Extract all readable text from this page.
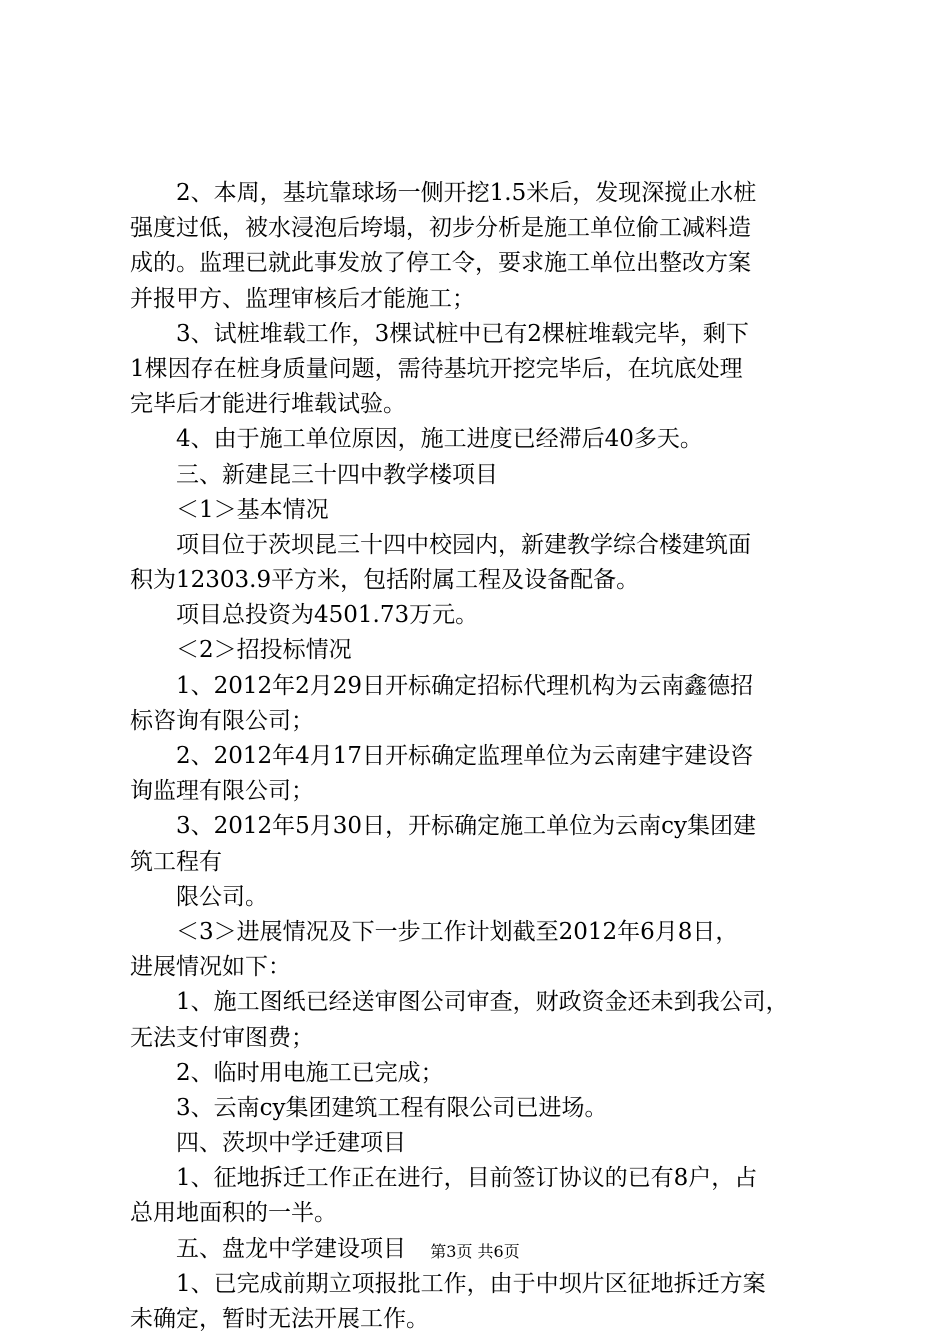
2、本周，基坑靠球场一侧开挖1.5米后，发现深搅止水桩
强度过低，被水浸泡后垮塌，初步分析是施工单位偷工减料造
成的。监理已就此事发放了停工令，要求施工单位出整改方案
并报甲方、监理审核后才能施工；
3、试桩堆载工作，3棵试桩中已有2棵桩堆载完毕，剩下
1棵因存在桩身质量问题，需待基坑开挖完毕后，在坑底处理
完毕后才能进行堆载试验。
4、由于施工单位原因，施工进度已经滞后40多天。
三、新建昆三十四中教学楼项目
＜1＞基本情况
项目位于茨坝昆三十四中校园内，新建教学综合楼建筑面
积为12303.9平方米，包括附属工程及设备配备。
项目总投资为4501.73万元。
＜2＞招投标情况
1、2012年2月29日开标确定招标代理机构为云南鑫德招
标咨询有限公司；
2、2012年4月17日开标确定监理单位为云南建宇建设咨
询监理有限公司；
3、2012年5月30日，开标确定施工单位为云南cy集团建
筑工程有
限公司。
＜3＞进展情况及下一步工作计划截至2012年6月8日，
进展情况如下：
1、施工图纸已经送审图公司审查，财政资金还未到我公司，
无法支付审图费；
2、临时用电施工已完成；
3、云南cy集团建筑工程有限公司已进场。
四、茨坝中学迁建项目
1、征地拆迁工作正在进行，目前签订协议的已有8户，占
总用地面积的一半。
五、盘龙中学建设项目
1、已完成前期立项报批工作，由于中坝片区征地拆迁方案
未确定，暂时无法开展工作。
第3页 共6页
